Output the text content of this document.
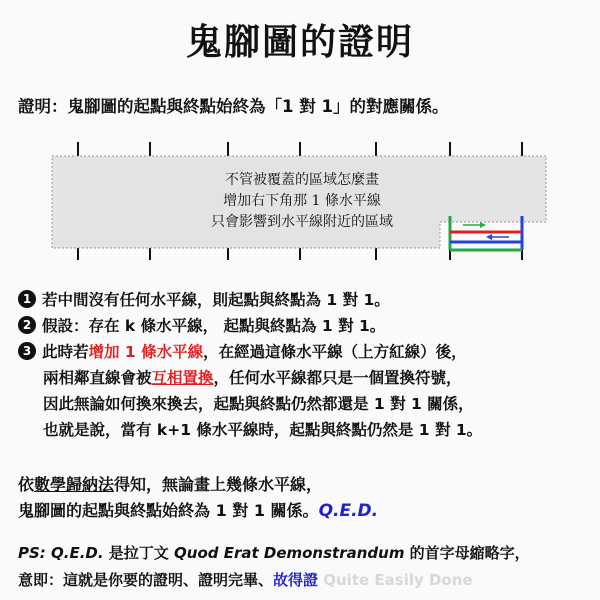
鬼腳圖的證明
證明：鬼腳圖的起點與終點始終為「1 對 1」的對應關係。
不管被覆蓋的區域怎麼畫
增加右下角那 1 條水平線
只會影響到水平線附近的區域
1 若中間沒有任何水平線，則起點與終點為 1 對 1。
2 假設：存在 k 條水平線， 起點與終點為 1 對 1。
3 此時若增加 1 條水平線，在經過這條水平線（上方紅線）後，
兩相鄰直線會被互相置換，任何水平線都只是一個置換符號，
因此無論如何換來換去，起點與終點仍然都還是 1 對 1 關係，
也就是說，當有 k+1 條水平線時，起點與終點仍然是 1 對 1。
依數學歸納法得知，無論畫上幾條水平線，
鬼腳圖的起點與終點始終為 1 對 1 關係。Q.E.D.
PS: Q.E.D. 是拉丁文 Quod Erat Demonstrandum 的首字母縮略字，
意即：這就是你要的證明、證明完畢、故得證 Quite Easily Done
